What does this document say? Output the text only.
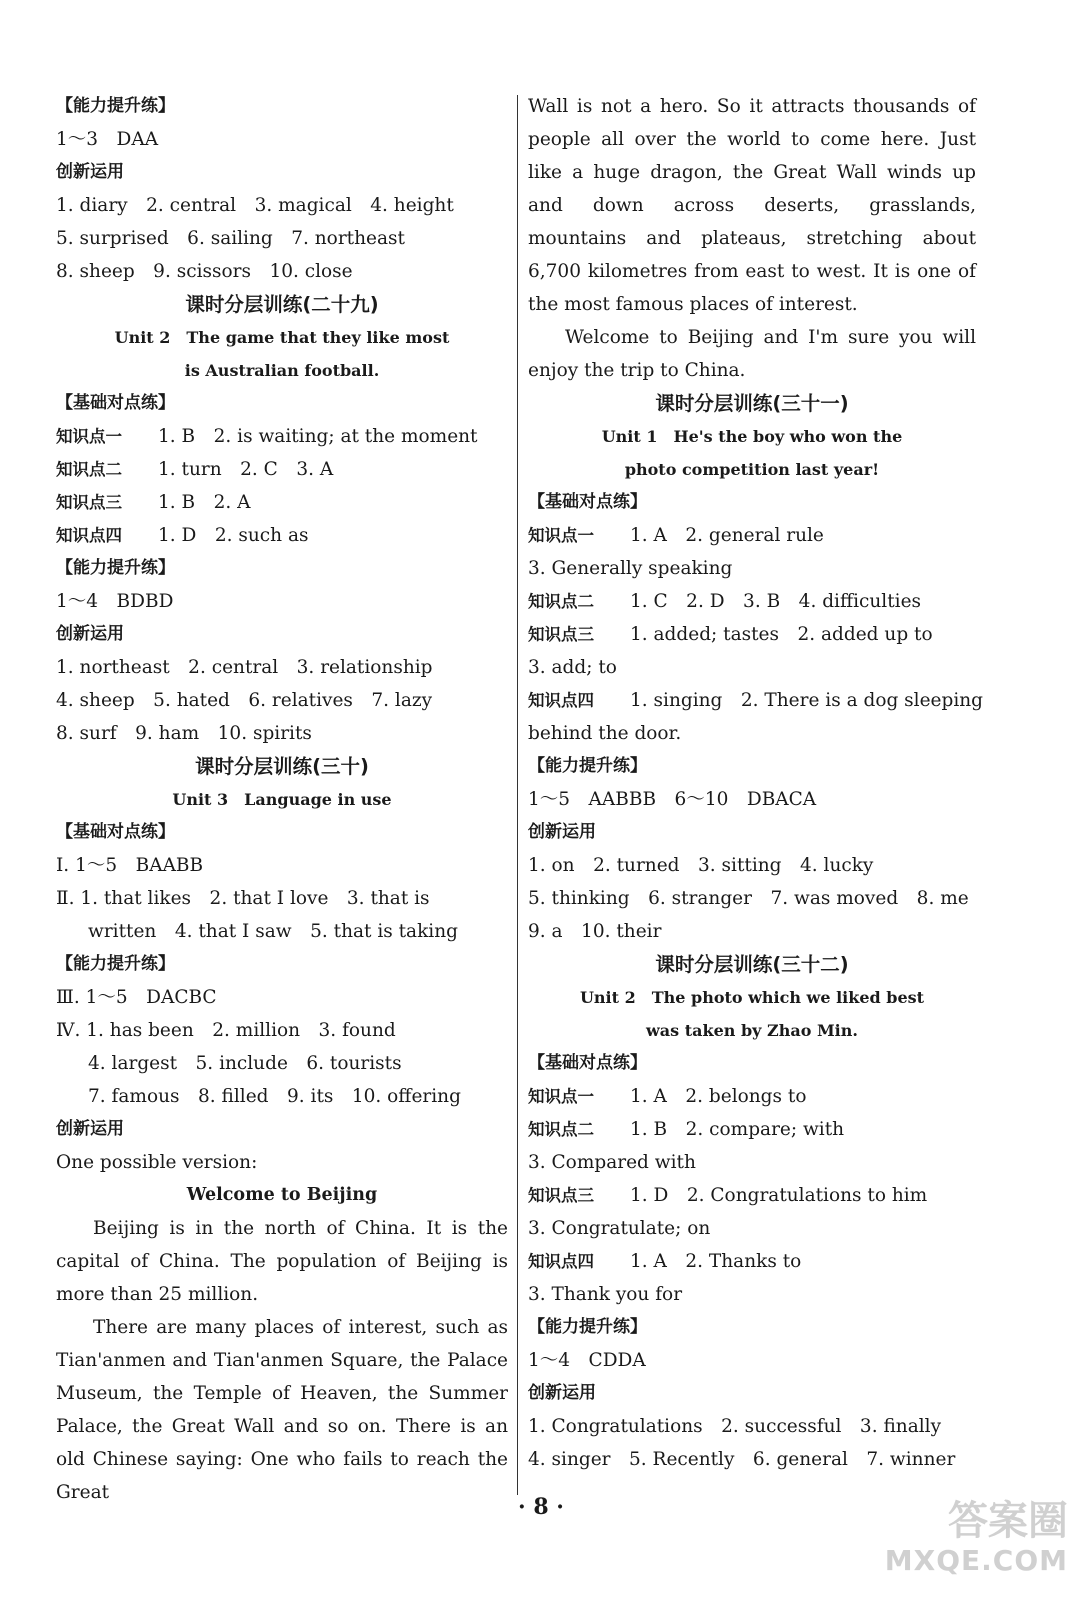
【能力提升练】
1～3　DAA
创新运用
1. diary　2. central　3. magical　4. height
5. surprised　6. sailing　7. northeast
8. sheep　9. scissors　10. close
课时分层训练(二十九)
Unit 2　The game that they like most
is Australian football.
【基础对点练】
知识点一	1. B　2. is waiting; at the moment
知识点二	1. turn　2. C　3. A
知识点三	1. B　2. A
知识点四	1. D　2. such as
【能力提升练】
1～4　BDBD
创新运用
1. northeast　2. central　3. relationship
4. sheep　5. hated　6. relatives　7. lazy
8. surf　9. ham　10. spirits
课时分层训练(三十)
Unit 3　Language in use
【基础对点练】
Ⅰ. 1～5　BAABB
Ⅱ. 1. that likes　2. that I love　3. that is
written　4. that I saw　5. that is taking
【能力提升练】
Ⅲ. 1～5　DACBC
Ⅳ. 1. has been　2. million　3. found
4. largest　5. include　6. tourists
7. famous　8. filled　9. its　10. offering
创新运用
One possible version:
Welcome to Beijing

Beijing is in the north of China. It is the capital of China. The population of Beijing is more than 25 million.

There are many places of interest, such as Tian'anmen and Tian'anmen Square, the Palace Museum, the Temple of Heaven, the Summer Palace, the Great Wall and so on. There is an old Chinese saying: One who fails to reach the Great

Wall is not a hero. So it attracts thousands of people all over the world to come here. Just like a huge dragon, the Great Wall winds up and down across deserts, grasslands, mountains and plateaus, stretching about 6,700 kilometres from east to west. It is one of the most famous places of interest.

Welcome to Beijing and I'm sure you will enjoy the trip to China.

课时分层训练(三十一)
Unit 1　He's the boy who won the
photo competition last year!
【基础对点练】
知识点一	1. A　2. general rule
3. Generally speaking
知识点二	1. C　2. D　3. B　4. difficulties
知识点三	1. added; tastes　2. added up to
3. add; to
知识点四	1. singing　2. There is a dog sleeping
behind the door.
【能力提升练】
1～5　AABBB　6～10　DBACA
创新运用
1. on　2. turned　3. sitting　4. lucky
5. thinking　6. stranger　7. was moved　8. me
9. a　10. their
课时分层训练(三十二)
Unit 2　The photo which we liked best
was taken by Zhao Min.
【基础对点练】
知识点一	1. A　2. belongs to
知识点二	1. B　2. compare; with
3. Compared with
知识点三	1. D　2. Congratulations to him
3. Congratulate; on
知识点四	1. A　2. Thanks to
3. Thank you for
【能力提升练】
1～4　CDDA
创新运用
1. Congratulations　2. successful　3. finally
4. singer　5. Recently　6. general　7. winner
· 8 ·	答案圈
MXQE.COM
